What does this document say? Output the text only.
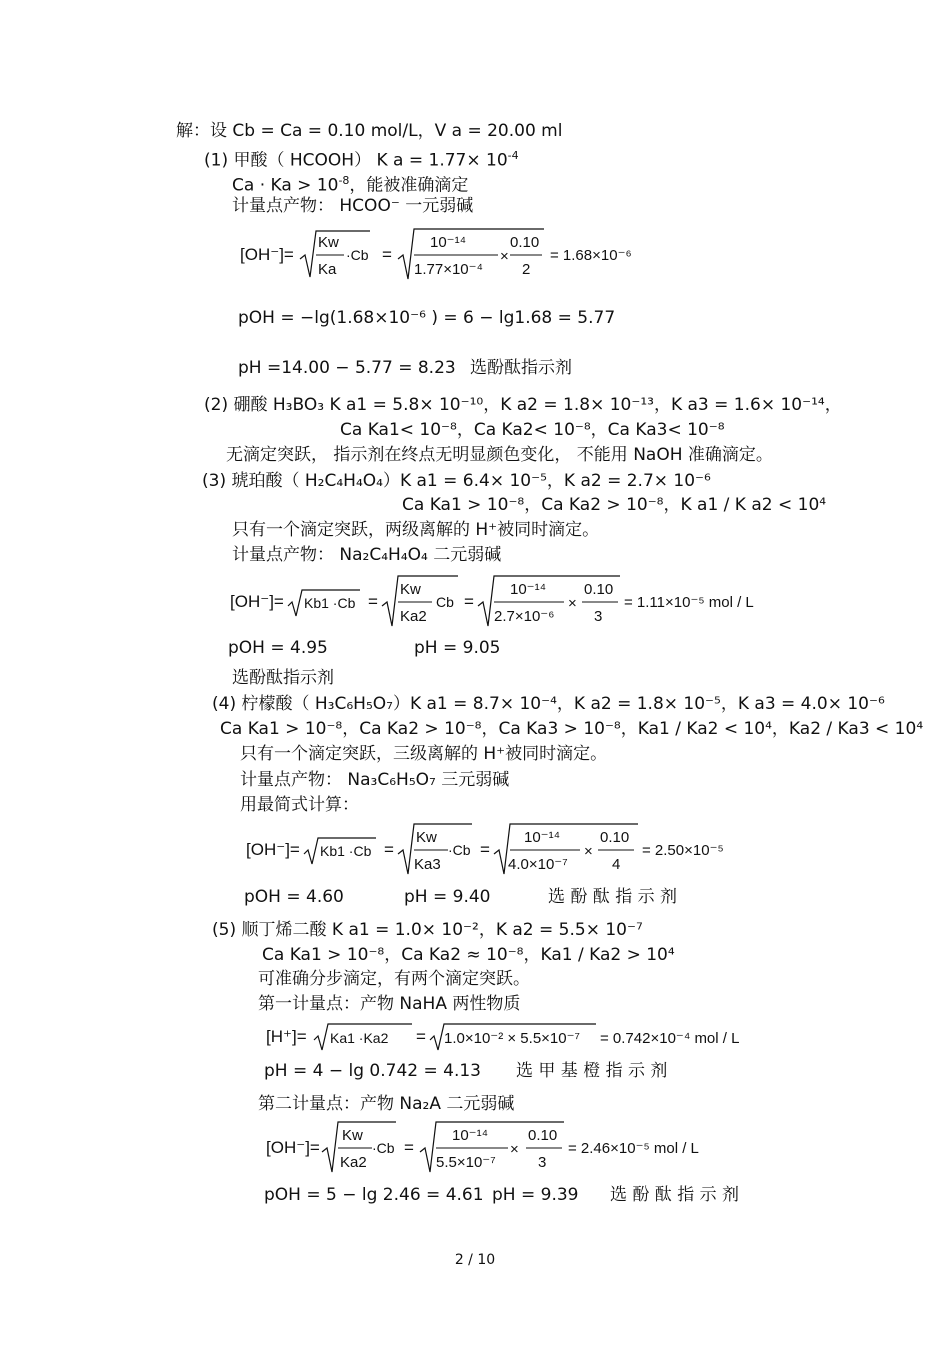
解：设 Cb = Ca = 0.10 mol/L，V a = 20.00 ml
(1) 甲酸（ HCOOH） K $a = 1.77\times 10^{-4}$
$Ca \cdot Ka > 10^{-8}$，能被准确滴定
计量点产物： HCOO⁻ 一元弱碱
[OH⁻]=
Kw
Ka
·Cb =
10⁻¹⁴
1.77×10⁻⁴
×
0.10
2
= 1.68×10⁻⁶
pOH = −lg(1.68×10⁻⁶ ) = 6 − lg1.68 = 5.77
pH =14.00 − 5.77 = 8.23 选酚酞指示剂
(2) 硼酸 H₃BO₃ K a1 = 5.8× 10⁻¹⁰，K a2 = 1.8× 10⁻¹³，K a3 = 1.6× 10⁻¹⁴，
Ca Ka1< 10⁻⁸，Ca Ka2< 10⁻⁸，Ca Ka3< 10⁻⁸
无滴定突跃， 指示剂在终点无明显颜色变化， 不能用 NaOH 准确滴定。
(3) 琥珀酸（ H₂C₄H₄O₄）K a1 = 6.4× 10⁻⁵，K a2 = 2.7× 10⁻⁶
Ca Ka1 > 10⁻⁸，Ca Ka2 > 10⁻⁸，K a1 / K a2 < 10⁴
只有一个滴定突跃，两级离解的 H⁺被同时滴定。
计量点产物： Na₂C₄H₄O₄ 二元弱碱
[OH⁻]= Kb1 ·Cb =
Kw
Ka2
Cb =
10⁻¹⁴
2.7×10⁻⁶
×
0.10
3
= 1.11×10⁻⁵ mol / L
pOH = 4.95	pH = 9.05
选酚酞指示剂
(4) 柠檬酸（ H₃C₆H₅O₇）K a1 = 8.7× 10⁻⁴，K a2 = 1.8× 10⁻⁵，K a3 = 4.0× 10⁻⁶
Ca Ka1 > 10⁻⁸，Ca Ka2 > 10⁻⁸，Ca Ka3 > 10⁻⁸，Ka1 / Ka2 < 10⁴，Ka2 / Ka3 < 10⁴
只有一个滴定突跃，三级离解的 H⁺被同时滴定。
计量点产物： Na₃C₆H₅O₇ 三元弱碱
用最简式计算：
[OH⁻]= Kb1 ·Cb =
Kw
Ka3
·Cb =
10⁻¹⁴
4.0×10⁻⁷
×
0.10
4
= 2.50×10⁻⁵
pOH = 4.60	pH = 9.40	选 酚 酞 指 示 剂
(5) 顺丁烯二酸 K a1 = 1.0× 10⁻²，K a2 = 5.5× 10⁻⁷
Ca Ka1 > 10⁻⁸，Ca Ka2 ≈ 10⁻⁸，Ka1 / Ka2 > 10⁴
可准确分步滴定，有两个滴定突跃。
第一计量点：产物 NaHA 两性物质
[H⁺]= Ka1 ·Ka2 = 1.0×10⁻² × 5.5×10⁻⁷ = 0.742×10⁻⁴ mol / L
pH = 4 − lg 0.742 = 4.13 选 甲 基 橙 指 示 剂
第二计量点：产物 Na₂A 二元弱碱
[OH⁻]=
Kw
Ka2
·Cb =
10⁻¹⁴
5.5×10⁻⁷
×
0.10
3
= 2.46×10⁻⁵ mol / L
pOH = 5 − lg 2.46 = 4.61 pH = 9.39 选 酚 酞 指 示 剂
2 / 10
